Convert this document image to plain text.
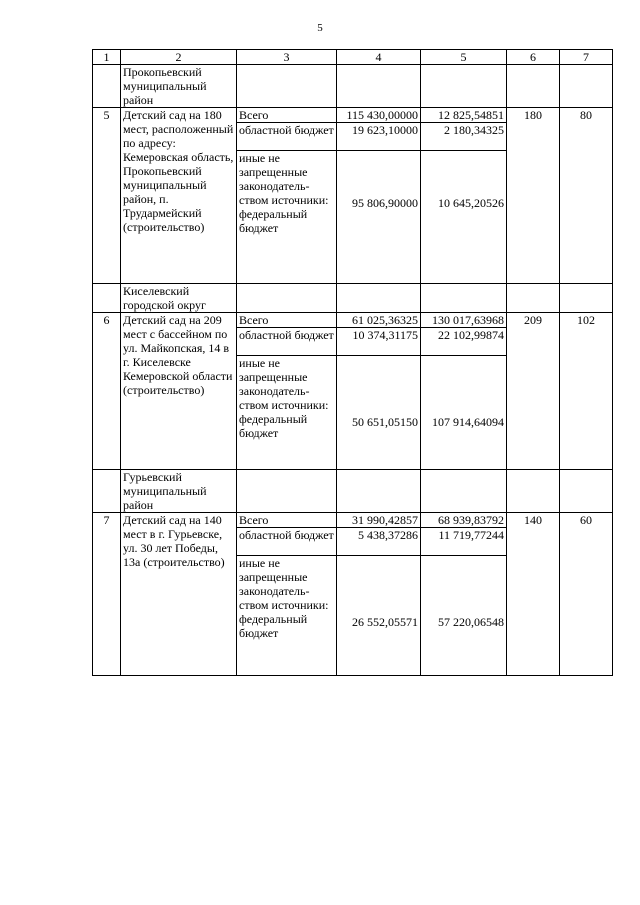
5
1	2	3	4	5	6	7
	Прокопьевский муниципальный район					
5	Детский сад на 180 мест, расположенный по адресу: Кемеровская область, Прокопьевский муниципальный район, п. Трудармейский (строительство)	Всего	115 430,00000	12 825,54851	180	80
		областной бюджет	19 623,10000	2 180,34325		
		иные не запрещенные законодатель-ством источники: федеральный бюджет	95 806,90000	10 645,20526		
	Киселевский городской округ					
6	Детский сад на 209 мест с бассейном по ул. Майкопская, 14 в г. Киселевске Кемеровской области (строительство)	Всего	61 025,36325	130 017,63968	209	102
		областной бюджет	10 374,31175	22 102,99874		
		иные не запрещенные законодатель-ством источники: федеральный бюджет	50 651,05150	107 914,64094		
	Гурьевский муниципальный район					
7	Детский сад на 140 мест в г. Гурьевске, ул. 30 лет Победы, 13а (строительство)	Всего	31 990,42857	68 939,83792	140	60
		областной бюджет	5 438,37286	11 719,77244		
		иные не запрещенные законодатель-ством источники: федеральный бюджет	26 552,05571	57 220,06548		
